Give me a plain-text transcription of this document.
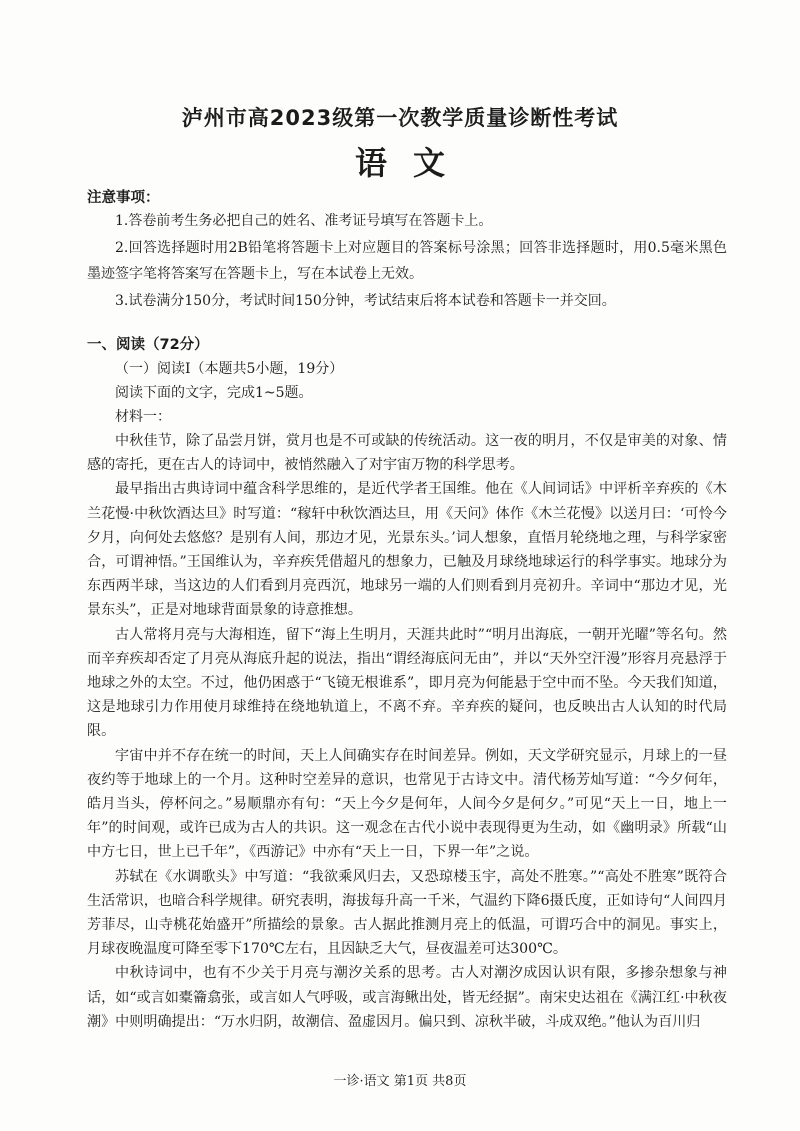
泸州市高2023级第一次教学质量诊断性考试
语文
注意事项：
1.答卷前考生务必把自己的姓名、准考证号填写在答题卡上。
2.回答选择题时用2B铅笔将答题卡上对应题目的答案标号涂黑；回答非选择题时，用0.5毫米黑色墨迹签字笔将答案写在答题卡上，写在本试卷上无效。
3.试卷满分150分，考试时间150分钟，考试结束后将本试卷和答题卡一并交回。
一、阅读（72分）
（一）阅读Ⅰ（本题共5小题，19分）
阅读下面的文字，完成1~5题。
材料一：

中秋佳节，除了品尝月饼，赏月也是不可或缺的传统活动。这一夜的明月，不仅是审美的对象、情感的寄托，更在古人的诗词中，被悄然融入了对宇宙万物的科学思考。

最早指出古典诗词中蕴含科学思维的，是近代学者王国维。他在《人间词话》中评析辛弃疾的《木兰花慢·中秋饮酒达旦》时写道：“稼轩中秋饮酒达旦，用《天问》体作《木兰花慢》以送月曰：‘可怜今夕月，向何处去悠悠？是别有人间，那边才见，光景东头。’词人想象，直悟月轮绕地之理，与科学家密合，可谓神悟。”王国维认为，辛弃疾凭借超凡的想象力，已触及月球绕地球运行的科学事实。地球分为东西两半球，当这边的人们看到月亮西沉，地球另一端的人们则看到月亮初升。辛词中“那边才见，光景东头”，正是对地球背面景象的诗意推想。

古人常将月亮与大海相连，留下“海上生明月，天涯共此时”“明月出海底，一朝开光曜”等名句。然而辛弃疾却否定了月亮从海底升起的说法，指出“谓经海底问无由”，并以“天外空汗漫”形容月亮悬浮于地球之外的太空。不过，他仍困惑于“飞镜无根谁系”，即月亮为何能悬于空中而不坠。今天我们知道，这是地球引力作用使月球维持在绕地轨道上，不离不弃。辛弃疾的疑问，也反映出古人认知的时代局限。

宇宙中并不存在统一的时间，天上人间确实存在时间差异。例如，天文学研究显示，月球上的一昼夜约等于地球上的一个月。这种时空差异的意识，也常见于古诗文中。清代杨芳灿写道：“今夕何年，皓月当头，停杯问之。”易顺鼎亦有句：“天上今夕是何年，人间今夕是何夕。”可见“天上一日，地上一年”的时间观，或许已成为古人的共识。这一观念在古代小说中表现得更为生动，如《幽明录》所载“山中方七日，世上已千年”，《西游记》中亦有“天上一日，下界一年”之说。

苏轼在《水调歌头》中写道：“我欲乘风归去，又恐琼楼玉宇，高处不胜寒。”“高处不胜寒”既符合生活常识，也暗合科学规律。研究表明，海拔每升高一千米，气温约下降6摄氏度，正如诗句“人间四月芳菲尽，山寺桃花始盛开”所描绘的景象。古人据此推测月亮上的低温，可谓巧合中的洞见。事实上，月球夜晚温度可降至零下170℃左右，且因缺乏大气，昼夜温差可达300℃。

中秋诗词中，也有不少关于月亮与潮汐关系的思考。古人对潮汐成因认识有限，多掺杂想象与神话，如“或言如橐籥翕张，或言如人气呼吸，或言海鳅出处，皆无经据”。南宋史达祖在《满江红·中秋夜潮》中则明确提出：“万水归阴，故潮信、盈虚因月。偏只到、凉秋半破，斗成双绝。”他认为百川归

一诊·语文 第1页 共8页
